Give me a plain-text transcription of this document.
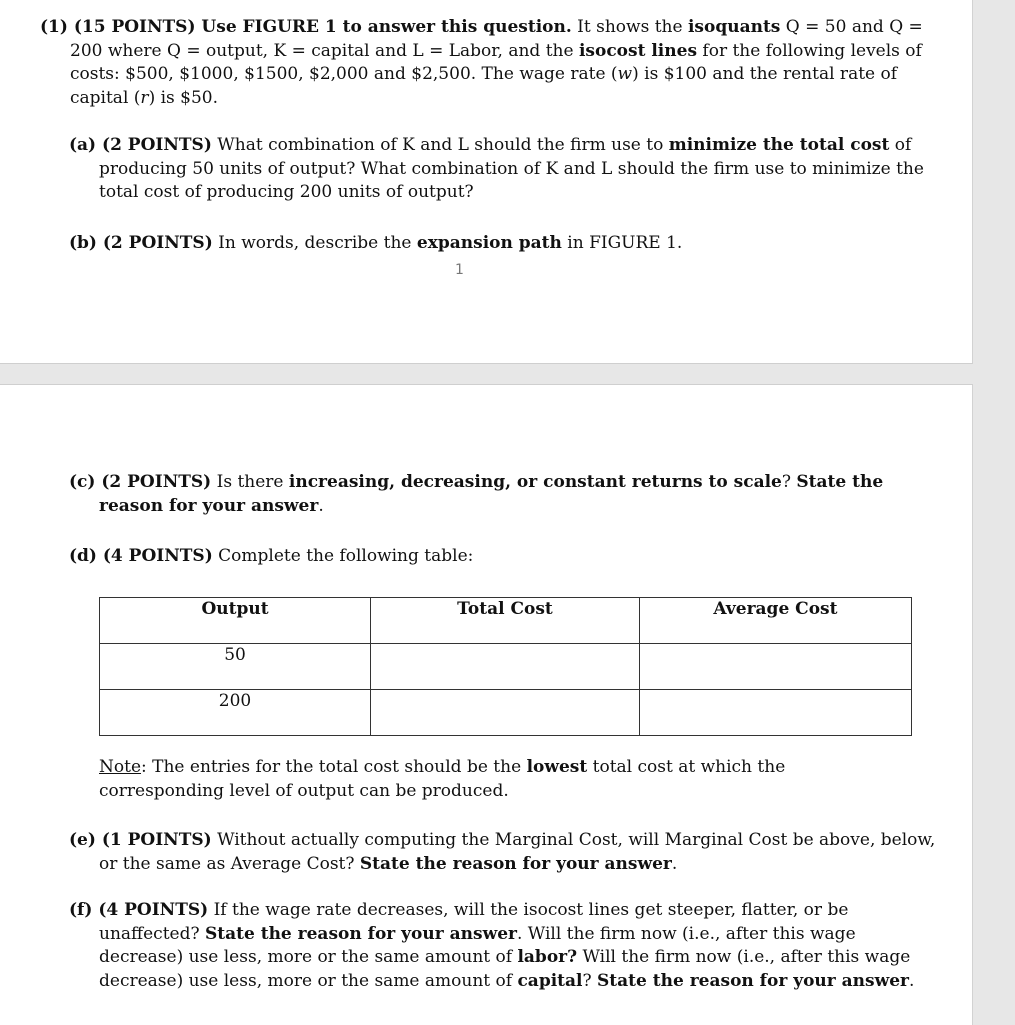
(1) (15 POINTS) Use FIGURE 1 to answer this question. It shows the isoquants Q = 50 and Q = 200 where Q = output, K = capital and L = Labor, and the isocost lines for the following levels of costs: $500, $1000, $1500, $2,000 and $2,500. The wage rate (w) is $100 and the rental rate of capital (r) is $50.

(a) (2 POINTS) What combination of K and L should the firm use to minimize the total cost of producing 50 units of output? What combination of K and L should the firm use to minimize the total cost of producing 200 units of output?

(b) (2 POINTS) In words, describe the expansion path in FIGURE 1.

1

(c) (2 POINTS) Is there increasing, decreasing, or constant returns to scale? State the reason for your answer.

(d) (4 POINTS) Complete the following table:

Output	Total Cost	Average Cost
50		
200		

Note: The entries for the total cost should be the lowest total cost at which the corresponding level of output can be produced.

(e) (1 POINTS) Without actually computing the Marginal Cost, will Marginal Cost be above, below, or the same as Average Cost? State the reason for your answer.

(f) (4 POINTS) If the wage rate decreases, will the isocost lines get steeper, flatter, or be unaffected? State the reason for your answer. Will the firm now (i.e., after this wage decrease) use less, more or the same amount of labor? Will the firm now (i.e., after this wage decrease) use less, more or the same amount of capital? State the reason for your answer.
